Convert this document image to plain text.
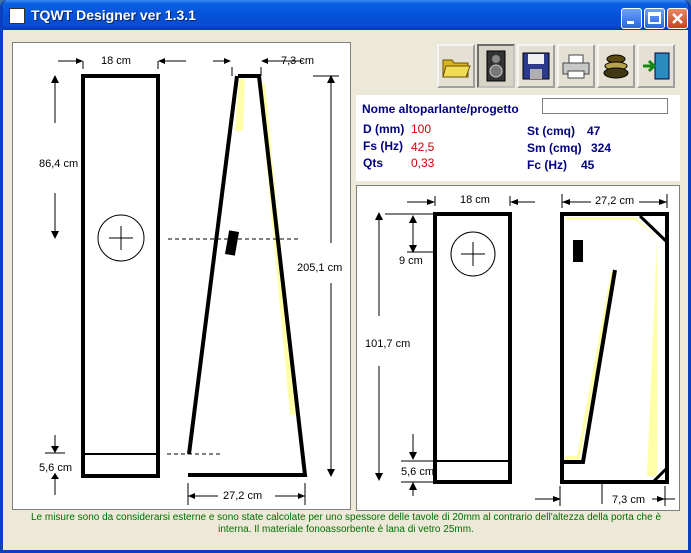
TQWT Designer ver 1.3.1
18 cm
86,4 cm
5,6 cm
7,3 cm
205,1 cm
27,2 cm
Nome altoparlante/progetto
D (mm) 100
Fs (Hz) 42,5
Qts 0,33
St (cmq) 47
Sm (cmq) 324
Fc (Hz) 45
18 cm
9 cm
101,7 cm
5,6 cm
27,2 cm
7,3 cm
Le misure sono da considerarsi esterne e sono state calcolate per uno spessore delle tavole di 20mm al contrario dell'altezza della porta che è
interna. Il materiale fonoassorbente è lana di vetro 25mm.
